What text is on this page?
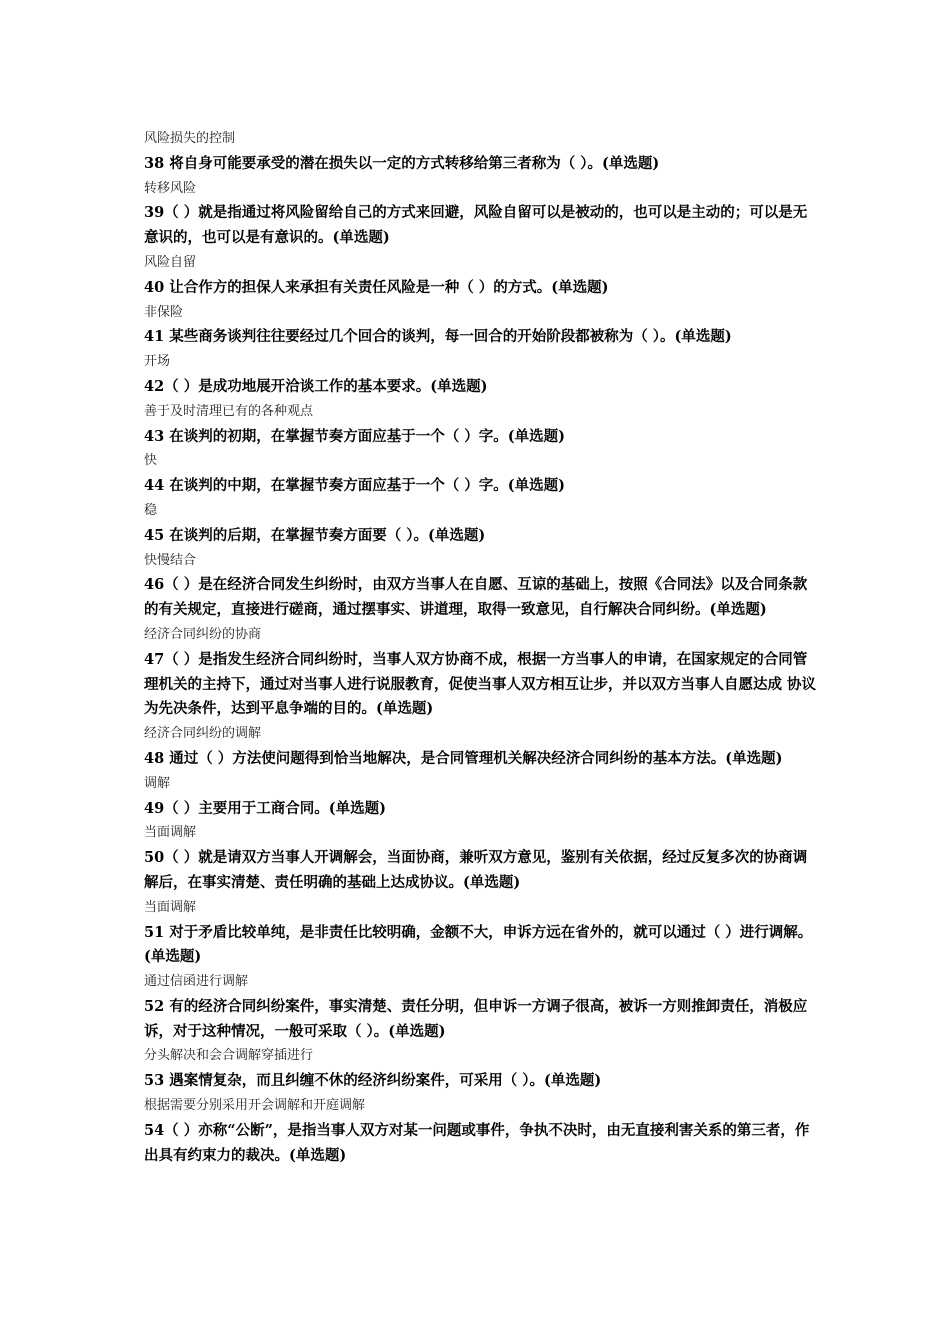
风险损失的控制
38 将自身可能要承受的潜在损失以一定的方式转移给第三者称为（ ）。(单选题)
转移风险
39（ ）就是指通过将风险留给自己的方式来回避，风险自留可以是被动的，也可以是主动的；可以是无意识的，也可以是有意识的。(单选题)
风险自留
40 让合作方的担保人来承担有关责任风险是一种（ ）的方式。(单选题)
非保险
41 某些商务谈判往往要经过几个回合的谈判，每一回合的开始阶段都被称为（ ）。(单选题)
开场
42（ ）是成功地展开洽谈工作的基本要求。(单选题)
善于及时清理已有的各种观点
43 在谈判的初期，在掌握节奏方面应基于一个（ ）字。(单选题)
快
44 在谈判的中期，在掌握节奏方面应基于一个（ ）字。(单选题)
稳
45 在谈判的后期，在掌握节奏方面要（ ）。(单选题)
快慢结合
46（ ）是在经济合同发生纠纷时，由双方当事人在自愿、互谅的基础上，按照《合同法》以及合同条款的有关规定，直接进行磋商，通过摆事实、讲道理，取得一致意见，自行解决合同纠纷。(单选题)
经济合同纠纷的协商
47（ ）是指发生经济合同纠纷时，当事人双方协商不成，根据一方当事人的申请，在国家规定的合同管理机关的主持下，通过对当事人进行说服教育，促使当事人双方相互让步，并以双方当事人自愿达成 协议为先决条件，达到平息争端的目的。(单选题)
经济合同纠纷的调解
48 通过（ ）方法使问题得到恰当地解决，是合同管理机关解决经济合同纠纷的基本方法。(单选题)
调解
49（ ）主要用于工商合同。(单选题)
当面调解
50（ ）就是请双方当事人开调解会，当面协商，兼听双方意见，鉴别有关依据，经过反复多次的协商调解后，在事实清楚、责任明确的基础上达成协议。(单选题)
当面调解
51 对于矛盾比较单纯，是非责任比较明确，金额不大，申诉方远在省外的，就可以通过（ ）进行调解。(单选题)
通过信函进行调解
52 有的经济合同纠纷案件，事实清楚、责任分明，但申诉一方调子很高，被诉一方则推卸责任，消极应诉，对于这种情况，一般可采取（ ）。(单选题)
分头解决和会合调解穿插进行
53 遇案情复杂，而且纠缠不休的经济纠纷案件，可采用（ ）。(单选题)
根据需要分别采用开会调解和开庭调解
54（ ）亦称“公断”，是指当事人双方对某一问题或事件，争执不决时，由无直接利害关系的第三者，作出具有约束力的裁决。(单选题)
